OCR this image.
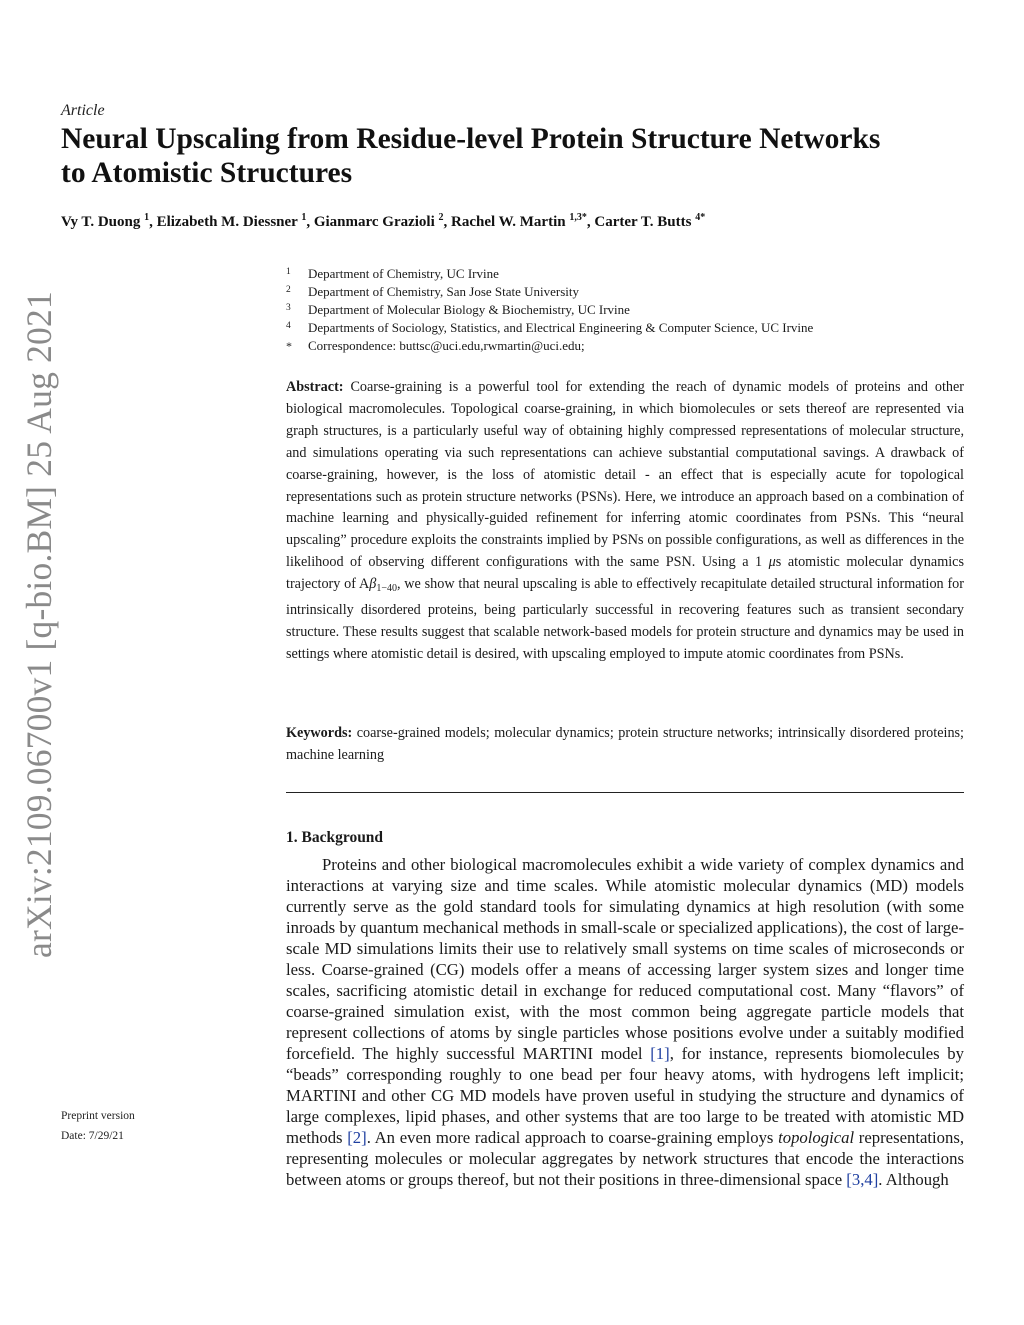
Article
Neural Upscaling from Residue-level Protein Structure Networks
to Atomistic Structures
Vy T. Duong $^1$, Elizabeth M. Diessner $^1$, Gianmarc Grazioli $^2$, Rachel W. Martin $^{1,3*}$, Carter T. Butts $^{4*}$
1 Department of Chemistry, UC Irvine
2 Department of Chemistry, San Jose State University
3 Department of Molecular Biology & Biochemistry, UC Irvine
4 Departments of Sociology, Statistics, and Electrical Engineering & Computer Science, UC Irvine
* Correspondence: buttsc@uci.edu,rwmartin@uci.edu;
Abstract: Coarse-graining is a powerful tool for extending the reach of dynamic models of proteins and other biological macromolecules. Topological coarse-graining, in which biomolecules or sets thereof are represented via graph structures, is a particularly useful way of obtaining highly compressed representations of molecular structure, and simulations operating via such representations can achieve substantial computational savings. A drawback of coarse-graining, however, is the loss of atomistic detail - an effect that is especially acute for topological representations such as protein structure networks (PSNs). Here, we introduce an approach based on a combination of machine learning and physically-guided refinement for inferring atomic coordinates from PSNs. This “neural upscaling” procedure exploits the constraints implied by PSNs on possible configurations, as well as differences in the likelihood of observing different configurations with the same PSN. Using a 1 μs atomistic molecular dynamics trajectory of $A\beta_{1-40}$, we show that neural upscaling is able to effectively recapitulate detailed structural information for intrinsically disordered proteins, being particularly successful in recovering features such as transient secondary structure. These results suggest that scalable network-based models for protein structure and dynamics may be used in settings where atomistic detail is desired, with upscaling employed to impute atomic coordinates from PSNs.
Keywords: coarse-grained models; molecular dynamics; protein structure networks; intrinsically disordered proteins; machine learning
1. Background
Proteins and other biological macromolecules exhibit a wide variety of complex dynamics and interactions at varying size and time scales. While atomistic molecular dynamics (MD) models currently serve as the gold standard tools for simulating dynamics at high resolution (with some inroads by quantum mechanical methods in small-scale or specialized applications), the cost of large-scale MD simulations limits their use to relatively small systems on time scales of microseconds or less. Coarse-grained (CG) models offer a means of accessing larger system sizes and longer time scales, sacrificing atomistic detail in exchange for reduced computational cost. Many “flavors” of coarse-grained simulation exist, with the most common being aggregate particle models that represent collections of atoms by single particles whose positions evolve under a suitably modified forcefield. The highly successful MARTINI model [1], for instance, represents biomolecules by “beads” corresponding roughly to one bead per four heavy atoms, with hydrogens left implicit; MARTINI and other CG MD models have proven useful in studying the structure and dynamics of large complexes, lipid phases, and other systems that are too large to be treated with atomistic MD methods [2]. An even more radical approach to coarse-graining employs topological representations, representing molecules or molecular aggregates by network structures that encode the interactions between atoms or groups thereof, but not their positions in three-dimensional space [3,4]. Although
arXiv:2109.06700v1 [q-bio.BM] 25 Aug 2021
Preprint version
Date: 7/29/21
